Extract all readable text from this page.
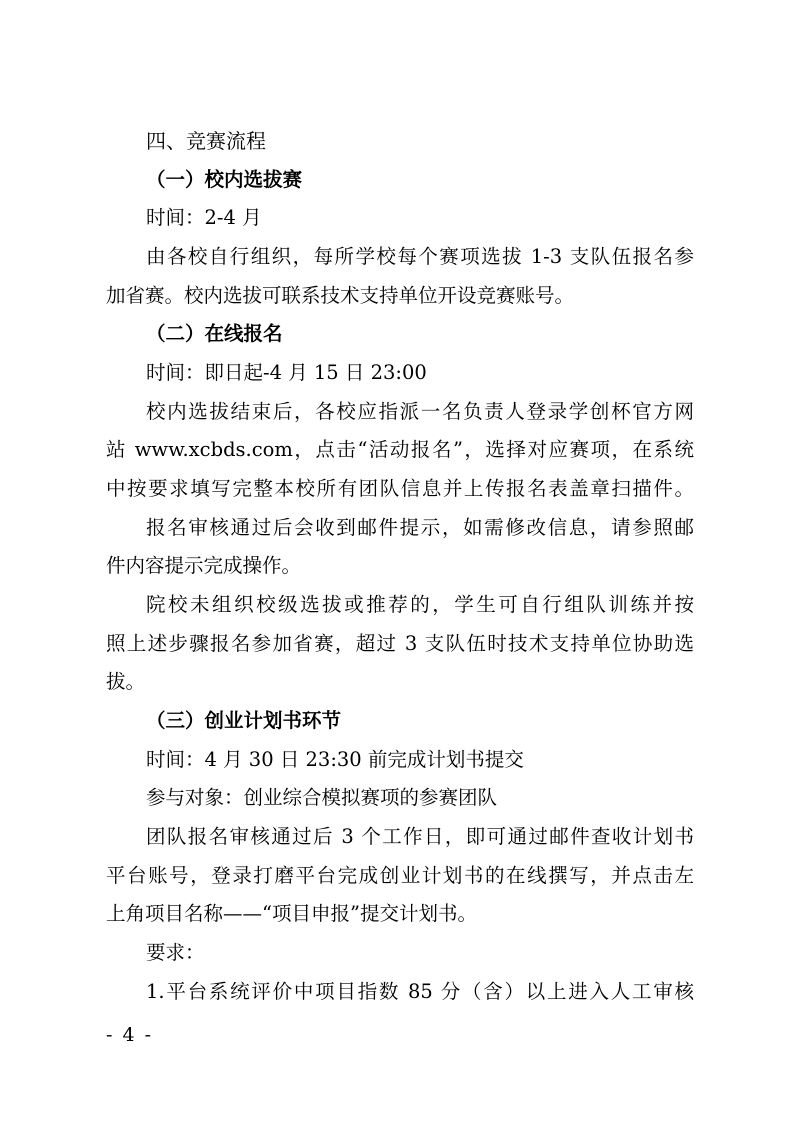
四、竞赛流程
（一）校内选拔赛
时间：2-4 月
由各校自行组织，每所学校每个赛项选拔 1-3 支队伍报名参
加省赛。校内选拔可联系技术支持单位开设竞赛账号。
（二）在线报名
时间：即日起-4 月 15 日 23:00
校内选拔结束后，各校应指派一名负责人登录学创杯官方网
站 www.xcbds.com，点击“活动报名”，选择对应赛项，在系统
中按要求填写完整本校所有团队信息并上传报名表盖章扫描件。
报名审核通过后会收到邮件提示，如需修改信息，请参照邮
件内容提示完成操作。
院校未组织校级选拔或推荐的，学生可自行组队训练并按
照上述步骤报名参加省赛，超过 3 支队伍时技术支持单位协助选
拔。
（三）创业计划书环节
时间：4 月 30 日 23:30 前完成计划书提交
参与对象：创业综合模拟赛项的参赛团队
团队报名审核通过后 3 个工作日，即可通过邮件查收计划书
平台账号，登录打磨平台完成创业计划书的在线撰写，并点击左
上角项目名称——“项目申报”提交计划书。
要求：
1.平台系统评价中项目指数 85 分（含）以上进入人工审核
- 4 -
